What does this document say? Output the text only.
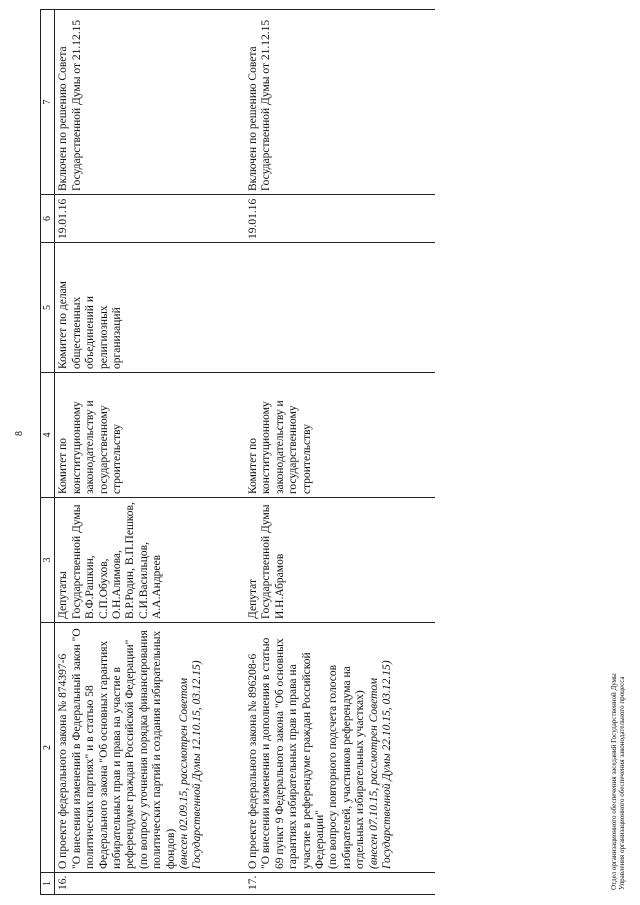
8
1	2	3	4	5	6	7
16.	О проекте федерального закона № 874397-6 "О внесении изменений в Федеральный закон "О политических партиях" и в статью 58 Федерального закона "Об основных гарантиях избирательных прав и права на участие в референдуме граждан Российской Федерации" (по вопросу уточнения порядка финансирования политических партий и создания избирательных фондов) (внесен 02.09.15, рассмотрен Советом Государственной Думы 12.10.15, 03.12.15)	Депутаты Государственной Думы В.Ф.Рашкин, С.П.Обухов, О.Н.Алимова, В.Р.Родин, В.П.Пешков, С.И.Васильцов, А.А.Андреев	Комитет по конституционному законодательству и государственному строительству	Комитет по делам общественных объединений и религиозных организаций	19.01.16	Включен по решению Совета Государственной Думы от 21.12.15
17.	О проекте федерального закона № 896208-6 "О внесении изменения и дополнения в статью 69 пункт 9 Федерального закона "Об основных гарантиях избирательных прав и права на участие в референдуме граждан Российской Федерации" (по вопросу повторного подсчета голосов избирателей, участников референдума на отдельных избирательных участках) (внесен 07.10.15, рассмотрен Советом Государственной Думы 22.10.15, 03.12.15)	Депутат Государственной Думы И.Н.Абрамов	Комитет по конституционному законодательству и государственному строительству		19.01.16	Включен по решению Совета Государственной Думы от 21.12.15
Отдел организационного обеспечения заседаний Государственной Думы Управления организационного обеспечения законодательного процесса
